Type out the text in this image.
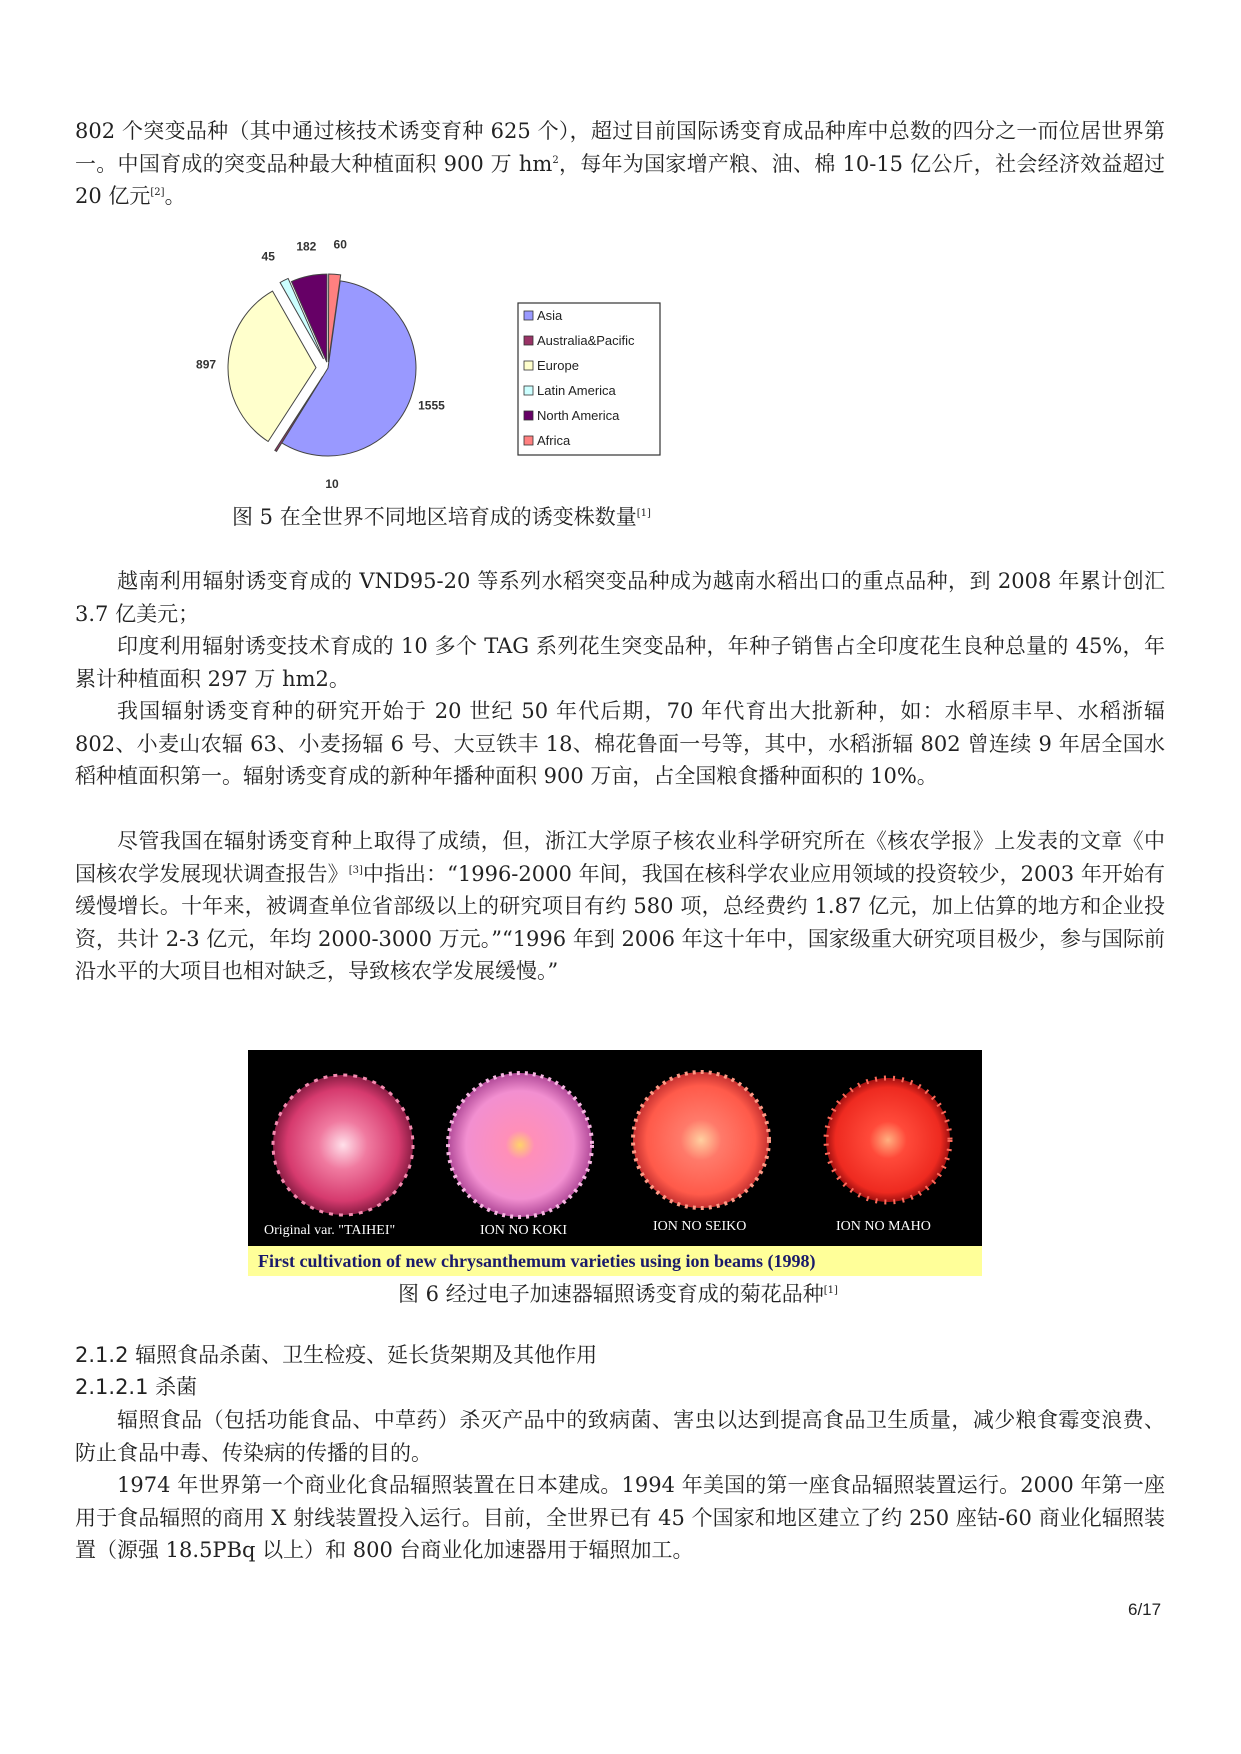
802 个突变品种（其中通过核技术诱变育种 625 个），超过目前国际诱变育成品种库中总数的四分之一而位居世界第一。中国育成的突变品种最大种植面积 900 万 $hm^2$，每年为国家增产粮、油、棉 10-15 亿公斤，社会经济效益超过 20 亿元[2]。

1555
10
897
45
182 60
Asia
Australia&Pacific
Europe
Latin America
North America
Africa

图 5 在全世界不同地区培育成的诱变株数量[1]

越南利用辐射诱变育成的 VND95-20 等系列水稻突变品种成为越南水稻出口的重点品种，到 2008 年累计创汇 3.7 亿美元；

印度利用辐射诱变技术育成的 10 多个 TAG 系列花生突变品种，年种子销售占全印度花生良种总量的 45%，年累计种植面积 297 万 hm2。

我国辐射诱变育种的研究开始于 20 世纪 50 年代后期，70 年代育出大批新种，如：水稻原丰早、水稻浙辐 802、小麦山农辐 63、小麦扬辐 6 号、大豆铁丰 18、棉花鲁面一号等，其中，水稻浙辐 802 曾连续 9 年居全国水稻种植面积第一。辐射诱变育成的新种年播种面积 900 万亩，占全国粮食播种面积的 10%。

尽管我国在辐射诱变育种上取得了成绩，但，浙江大学原子核农业科学研究所在《核农学报》上发表的文章《中国核农学发展现状调查报告》[3]中指出：“1996-2000 年间，我国在核科学农业应用领域的投资较少，2003 年开始有缓慢增长。十年来，被调查单位省部级以上的研究项目有约 580 项，总经费约 1.87 亿元，加上估算的地方和企业投资，共计 2-3 亿元，年均 2000-3000 万元。”“1996 年到 2006 年这十年中，国家级重大研究项目极少，参与国际前沿水平的大项目也相对缺乏，导致核农学发展缓慢。”

Original var. "TAIHEI"	ION NO KOKI	ION NO SEIKO	ION NO MAHO
First cultivation of new chrysanthemum varieties using ion beams (1998)

图 6 经过电子加速器辐照诱变育成的菊花品种[1]

2.1.2 辐照食品杀菌、卫生检疫、延长货架期及其他作用

2.1.2.1 杀菌

辐照食品（包括功能食品、中草药）杀灭产品中的致病菌、害虫以达到提高食品卫生质量，减少粮食霉变浪费、防止食品中毒、传染病的传播的目的。

1974 年世界第一个商业化食品辐照装置在日本建成。1994 年美国的第一座食品辐照装置运行。2000 年第一座用于食品辐照的商用 X 射线装置投入运行。目前，全世界已有 45 个国家和地区建立了约 250 座钴-60 商业化辐照装置（源强 18.5PBq 以上）和 800 台商业化加速器用于辐照加工。

6/17
